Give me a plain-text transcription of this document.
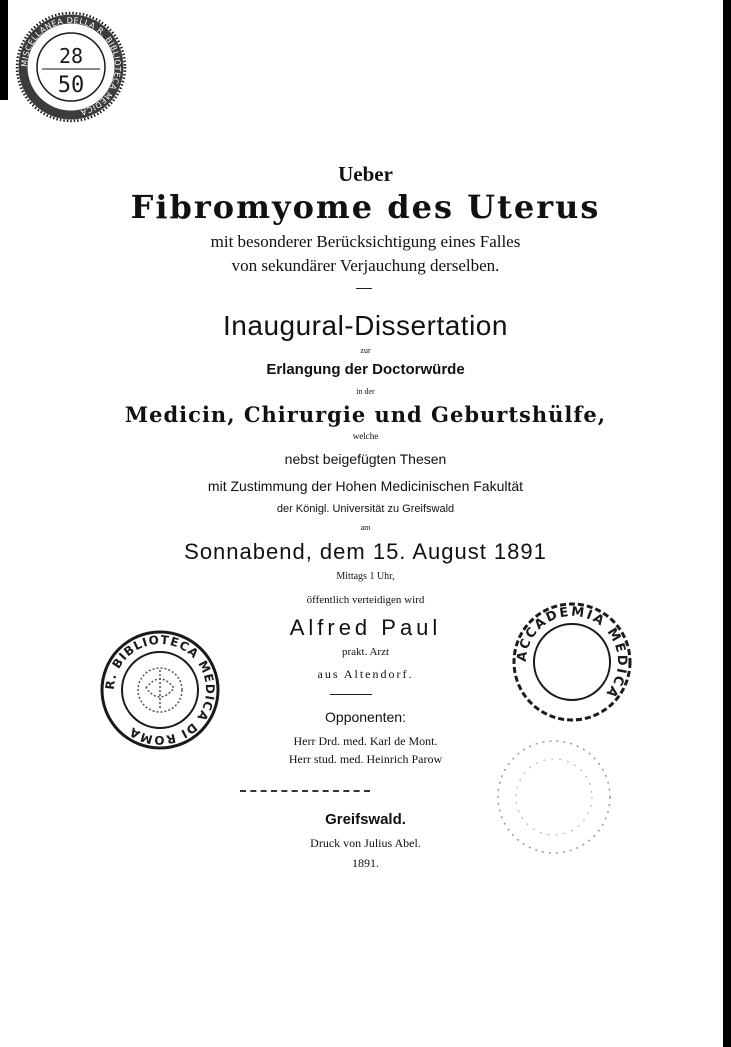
MISCELLANEA DELLA R. BIBLIOTECA MEDICA
28
50
R. BIBLIOTECA MEDICA DI ROMA
ACCADEMIA MEDICA
Ueber
Fibromyome des Uterus
mit besonderer Berücksichtigung eines Falles
von sekundärer Verjauchung derselben.
Inaugural-Dissertation
zur
Erlangung der Doctorwürde
in der
Medicin, Chirurgie und Geburtshülfe,
welche
nebst beigefügten Thesen
mit Zustimmung der Hohen Medicinischen Fakultät
der Königl. Universität zu Greifswald
am
Sonnabend, dem 15. August 1891
Mittags 1 Uhr,
öffentlich verteidigen wird
Alfred Paul
prakt. Arzt
aus Altendorf.
Opponenten:
Herr Drd. med. Karl de Mont.
Herr stud. med. Heinrich Parow
Greifswald.
Druck von Julius Abel.
1891.
